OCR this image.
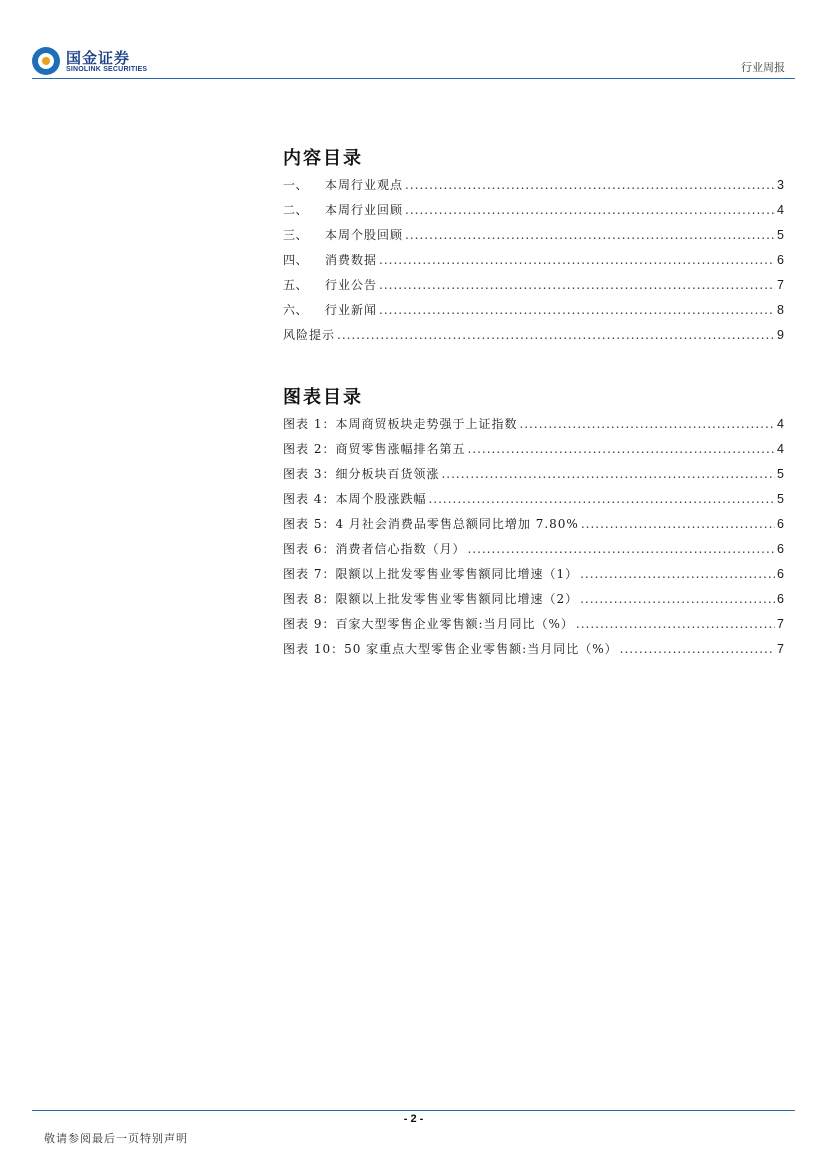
国金证券
SINOLINK SECURITIES	行业周报
内容目录
一、	本周行业观点 .....	3
二、	本周行业回顾 .....	4
三、	本周个股回顾 .....	5
四、	消费数据 .....	6
五、	行业公告 .....	7
六、	行业新闻 .....	8
风险提示 .....	9
图表目录
图表 1：本周商贸板块走势强于上证指数 .....	4
图表 2：商贸零售涨幅排名第五 .....	4
图表 3：细分板块百货领涨 .....	5
图表 4：本周个股涨跌幅 .....	5
图表 5：4 月社会消费品零售总额同比增加 7.80% .....	6
图表 6：消费者信心指数（月） .....	6
图表 7：限额以上批发零售业零售额同比增速（1） .....	6
图表 8：限额以上批发零售业零售额同比增速（2） .....	6
图表 9：百家大型零售企业零售额:当月同比（%） .....	7
图表 10：50 家重点大型零售企业零售额:当月同比（%） .....	7
- 2 -
敬请参阅最后一页特别声明
